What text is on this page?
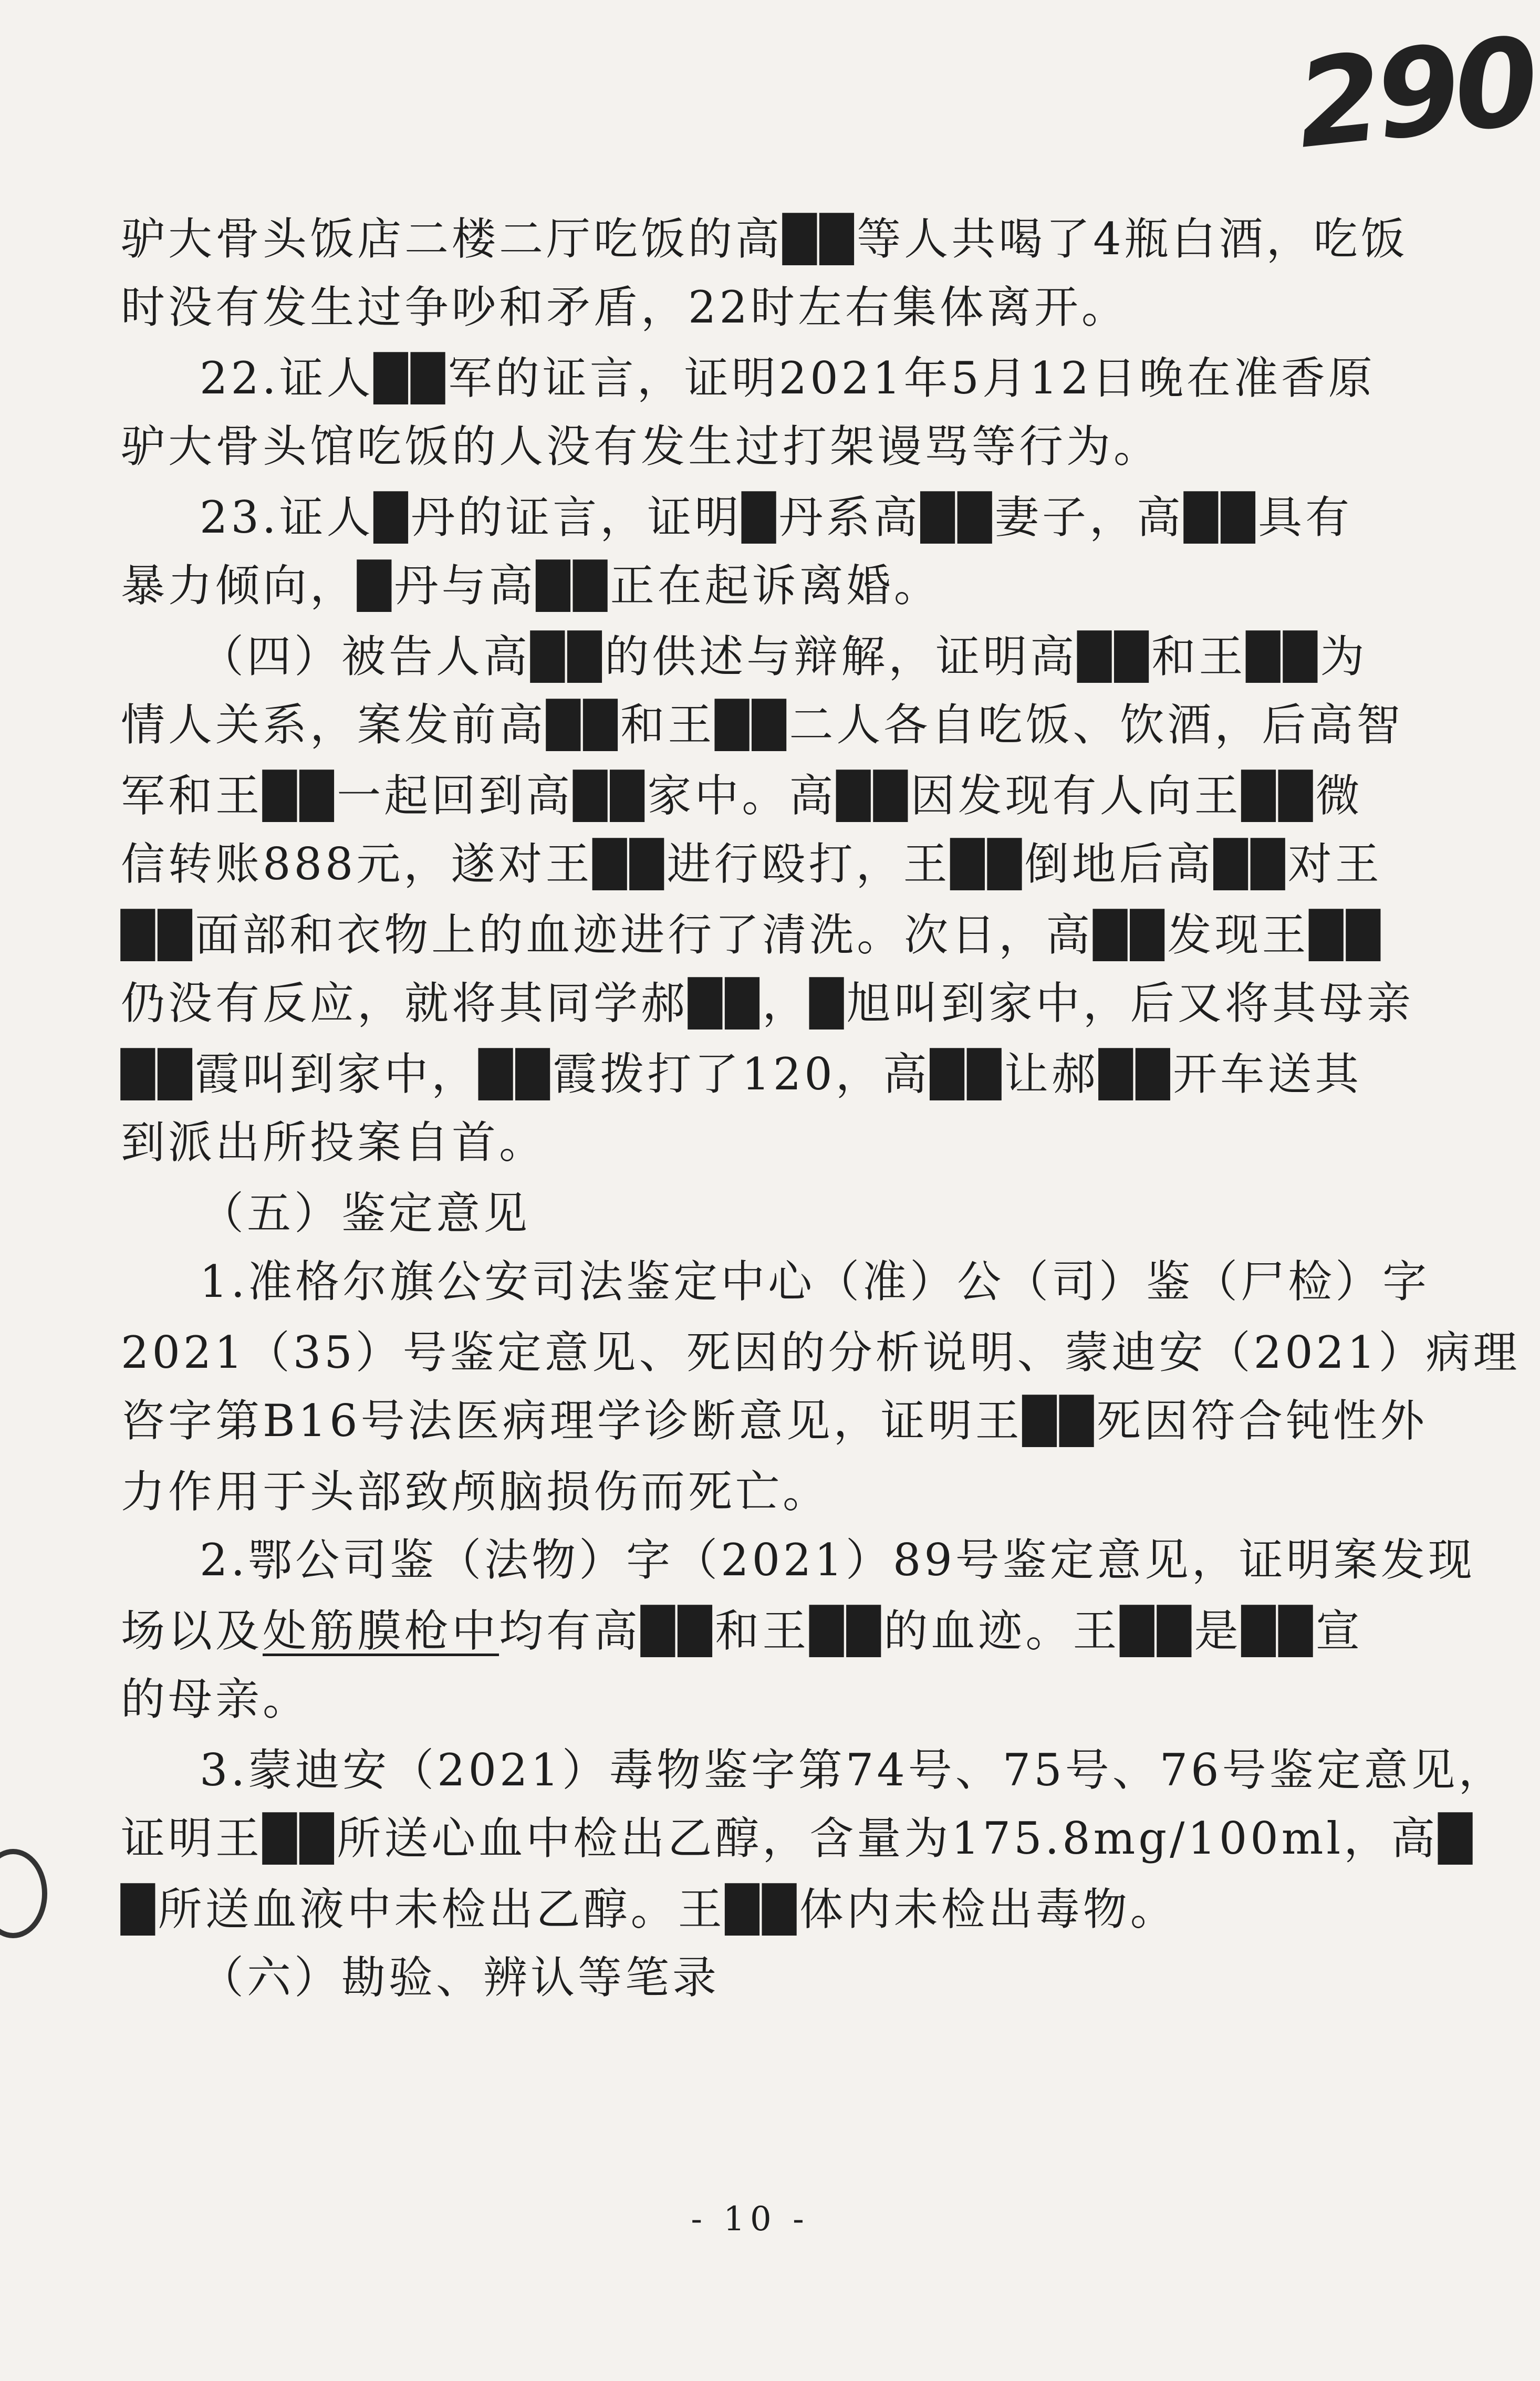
290
驴大骨头饭店二楼二厅吃饭的高██等人共喝了4瓶白酒，吃饭
时没有发生过争吵和矛盾，22时左右集体离开。
22.证人██军的证言，证明2021年5月12日晚在准香原
驴大骨头馆吃饭的人没有发生过打架谩骂等行为。
23.证人█丹的证言，证明█丹系高██妻子，高██具有
暴力倾向，█丹与高██正在起诉离婚。
（四）被告人高██的供述与辩解，证明高██和王██为
情人关系，案发前高██和王██二人各自吃饭、饮酒，后高智
军和王██一起回到高██家中。高██因发现有人向王██微
信转账888元，遂对王██进行殴打，王██倒地后高██对王
██面部和衣物上的血迹进行了清洗。次日，高██发现王██
仍没有反应，就将其同学郝██，█旭叫到家中，后又将其母亲
██霞叫到家中，██霞拨打了120，高██让郝██开车送其
到派出所投案自首。
（五）鉴定意见
1.准格尔旗公安司法鉴定中心（准）公（司）鉴（尸检）字
2021（35）号鉴定意见、死因的分析说明、蒙迪安（2021）病理
咨字第B16号法医病理学诊断意见，证明王██死因符合钝性外
力作用于头部致颅脑损伤而死亡。
2.鄂公司鉴（法物）字（2021）89号鉴定意见，证明案发现
场以及处筋膜枪中均有高██和王██的血迹。王██是██宣
的母亲。
3.蒙迪安（2021）毒物鉴字第74号、75号、76号鉴定意见，
证明王██所送心血中检出乙醇，含量为175.8mg/100ml，高█
█所送血液中未检出乙醇。王██体内未检出毒物。
（六）勘验、辨认等笔录
- 10 -
